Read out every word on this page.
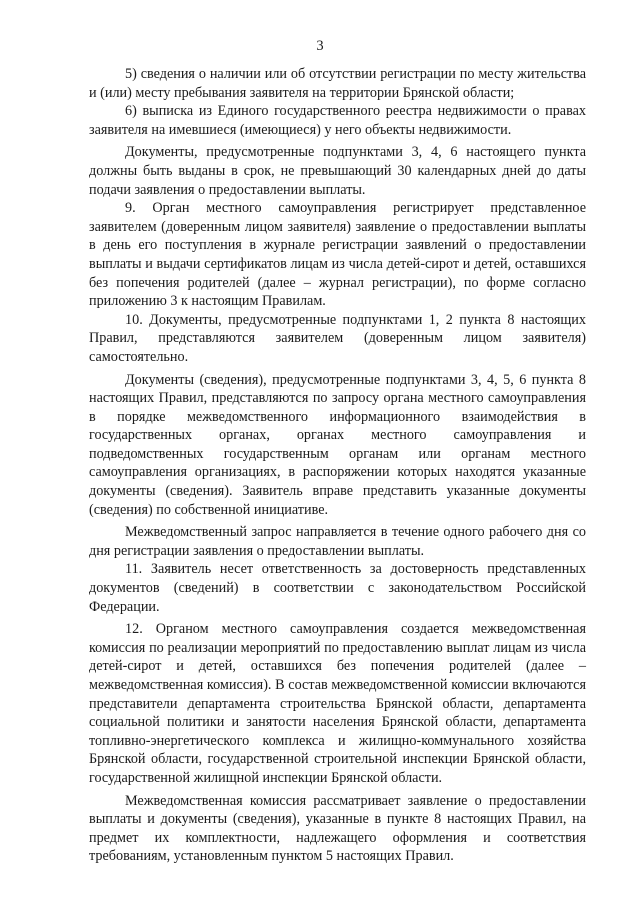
3

5) сведения о наличии или об отсутствии регистрации по месту жительства и (или) месту пребывания заявителя на территории Брянской области;

6) выписка из Единого государственного реестра недвижимости о правах заявителя на имевшиеся (имеющиеся) у него объекты недвижимости.

Документы, предусмотренные подпунктами 3, 4, 6 настоящего пункта должны быть выданы в срок, не превышающий 30 календарных дней до даты подачи заявления о предоставлении выплаты.

9. Орган местного самоуправления регистрирует представленное заявителем (доверенным лицом заявителя) заявление о предоставлении выплаты в день его поступления в журнале регистрации заявлений о предоставлении выплаты и выдачи сертификатов лицам из числа детей-сирот и детей, оставшихся без попечения родителей (далее – журнал регистрации), по форме согласно приложению 3 к настоящим Правилам.

10. Документы, предусмотренные подпунктами 1, 2 пункта 8 настоящих Правил, представляются заявителем (доверенным лицом заявителя) самостоятельно.

Документы (сведения), предусмотренные подпунктами 3, 4, 5, 6 пункта 8 настоящих Правил, представляются по запросу органа местного самоуправления в порядке межведомственного информационного взаимодействия в государственных органах, органах местного самоуправления и подведомственных государственным органам или органам местного самоуправления организациях, в распоряжении которых находятся указанные документы (сведения). Заявитель вправе представить указанные документы (сведения) по собственной инициативе.

Межведомственный запрос направляется в течение одного рабочего дня со дня регистрации заявления о предоставлении выплаты.

11. Заявитель несет ответственность за достоверность представленных документов (сведений) в соответствии с законодательством Российской Федерации.

12. Органом местного самоуправления создается межведомственная комиссия по реализации мероприятий по предоставлению выплат лицам из числа детей-сирот и детей, оставшихся без попечения родителей (далее – межведомственная комиссия). В состав межведомственной комиссии включаются представители департамента строительства Брянской области, департамента социальной политики и занятости населения Брянской области, департамента топливно-энергетического комплекса и жилищно-коммунального хозяйства Брянской области, государственной строительной инспекции Брянской области, государственной жилищной инспекции Брянской области.

Межведомственная комиссия рассматривает заявление о предоставлении выплаты и документы (сведения), указанные в пункте 8 настоящих Правил, на предмет их комплектности, надлежащего оформления и соответствия требованиям, установленным пунктом 5 настоящих Правил.
